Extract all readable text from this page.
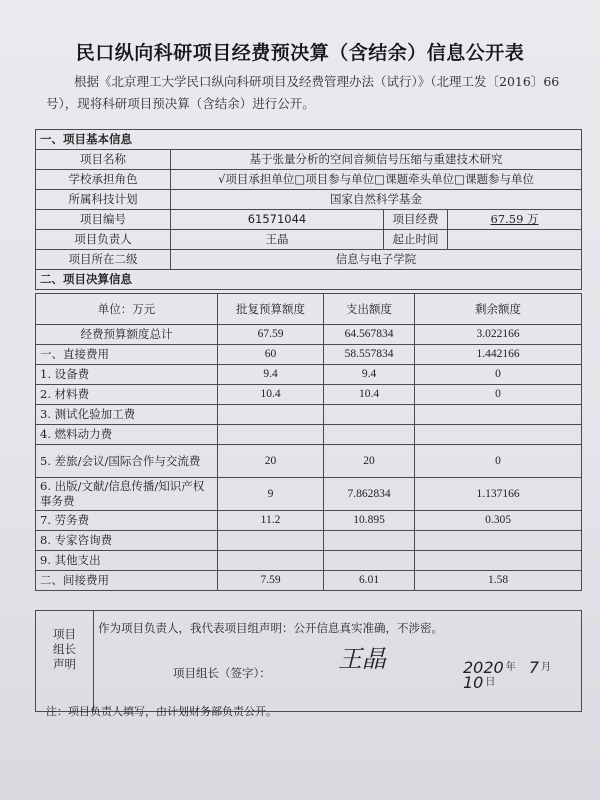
民口纵向科研项目经费预决算（含结余）信息公开表
根据《北京理工大学民口纵向科研项目及经费管理办法（试行）》（北理工发〔2016〕66号），现将科研项目预决算（含结余）进行公开。
一、项目基本信息			
项目名称	基于张量分析的空间音频信号压缩与重建技术研究		
学校承担角色	√项目承担单位□项目参与单位□课题牵头单位□课题参与单位		
所属科技计划	国家自然科学基金		
项目编号	61571044	项目经费	67.59 万
项目负责人	王晶	起止时间	
项目所在二级	信息与电子学院		
二、项目决算信息			
单位：万元	批复预算额度	支出额度	剩余额度
经费预算额度总计	67.59	64.567834	3.022166
一、直接费用	60	58.557834	1.442166
1. 设备费	9.4	9.4	0
2. 材料费	10.4	10.4	0
3. 测试化验加工费			
4. 燃料动力费			
5. 差旅/会议/国际合作与交流费	20	20	0
6. 出版/文献/信息传播/知识产权事务费	9	7.862834	1.137166
7. 劳务费	11.2	10.895	0.305
8. 专家咨询费			
9. 其他支出			
二、间接费用	7.59	6.01	1.58
项目组长声明	
作为项目负责人，我代表项目组声明：公开信息真实准确，不涉密。
项目组长（签字）：	王晶	2020 $^年$ 7 $^月$ 10 $^日$
注：项目负责人填写，由计划财务部负责公开。
